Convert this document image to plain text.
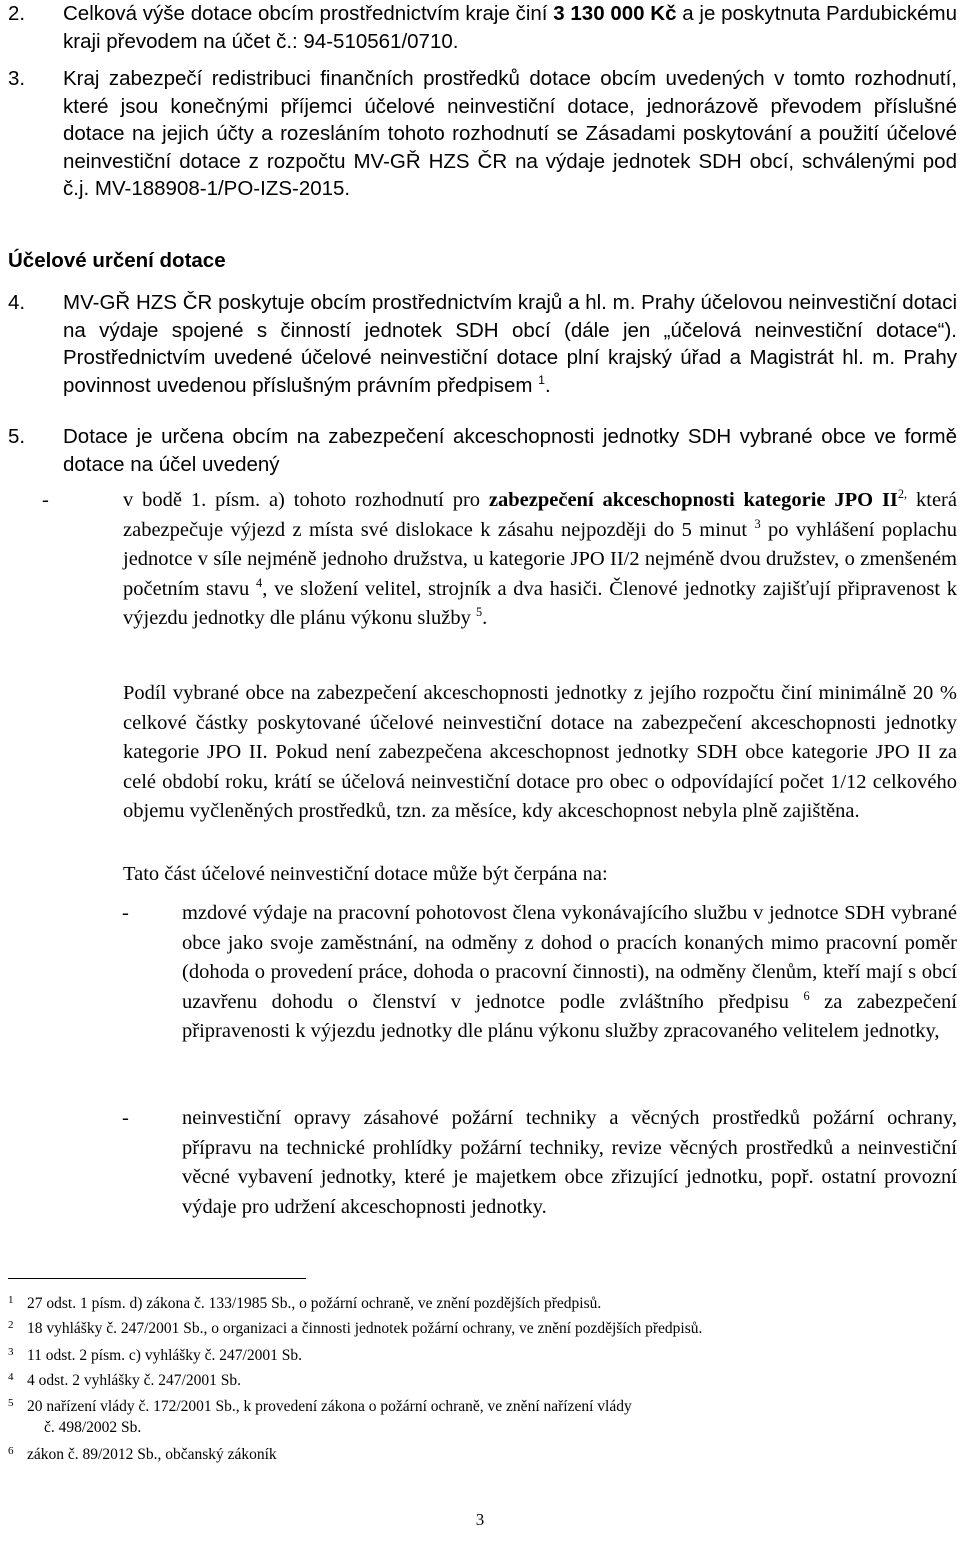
2.	Celková výše dotace obcím prostřednictvím kraje činí 3 130 000 Kč a je poskytnuta Pardubickému kraji převodem na účet č.: 94-510561/0710.
3.	Kraj zabezpečí redistribuci finančních prostředků dotace obcím uvedených v tomto rozhodnutí, které jsou konečnými příjemci účelové neinvestiční dotace, jednorázově převodem příslušné dotace na jejich účty a rozesláním tohoto rozhodnutí se Zásadami poskytování a použití účelové neinvestiční dotace z rozpočtu MV-GŘ HZS ČR na výdaje jednotek SDH obcí, schválenými pod č.j. MV-188908-1/PO-IZS-2015.
Účelové určení dotace
4.	MV-GŘ HZS ČR poskytuje obcím prostřednictvím krajů a hl. m. Prahy účelovou neinvestiční dotaci na výdaje spojené s činností jednotek SDH obcí (dále jen „účelová neinvestiční dotace“). Prostřednictvím uvedené účelové neinvestiční dotace plní krajský úřad a Magistrát hl. m. Prahy povinnost uvedenou příslušným právním předpisem $^1$.
5.	Dotace je určena obcím na zabezpečení akceschopnosti jednotky SDH vybrané obce ve formě dotace na účel uvedený
-	v bodě 1. písm. a) tohoto rozhodnutí pro zabezpečení akceschopnosti kategorie JPO $II^{2,}$ která zabezpečuje výjezd z místa své dislokace k zásahu nejpozději do 5 minut $^3$ po vyhlášení poplachu jednotce v síle nejméně jednoho družstva, u kategorie JPO II/2 nejméně dvou družstev, o zmenšeném početním stavu $^4$, ve složení velitel, strojník a dva hasiči. Členové jednotky zajišťují připravenost k výjezdu jednotky dle plánu výkonu služby $^5$.
Podíl vybrané obce na zabezpečení akceschopnosti jednotky z jejího rozpočtu činí minimálně 20 % celkové částky poskytované účelové neinvestiční dotace na zabezpečení akceschopnosti jednotky kategorie JPO II. Pokud není zabezpečena akceschopnost jednotky SDH obce kategorie JPO II za celé období roku, krátí se účelová neinvestiční dotace pro obec o odpovídající počet 1/12 celkového objemu vyčleněných prostředků, tzn. za měsíce, kdy akceschopnost nebyla plně zajištěna.
Tato část účelové neinvestiční dotace může být čerpána na:
-	mzdové výdaje na pracovní pohotovost člena vykonávajícího službu v jednotce SDH vybrané obce jako svoje zaměstnání, na odměny z dohod o pracích konaných mimo pracovní poměr (dohoda o provedení práce, dohoda o pracovní činnosti), na odměny členům, kteří mají s obcí uzavřenu dohodu o členství v jednotce podle zvláštního předpisu $^6$ za zabezpečení připravenosti k výjezdu jednotky dle plánu výkonu služby zpracovaného velitelem jednotky,
-	neinvestiční opravy zásahové požární techniky a věcných prostředků požární ochrany, přípravu na technické prohlídky požární techniky, revize věcných prostředků a neinvestiční věcné vybavení jednotky, které je majetkem obce zřizující jednotku, popř. ostatní provozní výdaje pro udržení akceschopnosti jednotky.
1 27 odst. 1 písm. d) zákona č. 133/1985 Sb., o požární ochraně, ve znění pozdějších předpisů.
2 18 vyhlášky č. 247/2001 Sb., o organizaci a činnosti jednotek požární ochrany, ve znění pozdějších předpisů.
3 11 odst. 2 písm. c) vyhlášky č. 247/2001 Sb.
4 4 odst. 2 vyhlášky č. 247/2001 Sb.
5 20 nařízení vlády č. 172/2001 Sb., k provedení zákona o požární ochraně, ve znění nařízení vlády
č. 498/2002 Sb.
6 zákon č. 89/2012 Sb., občanský zákoník
3
